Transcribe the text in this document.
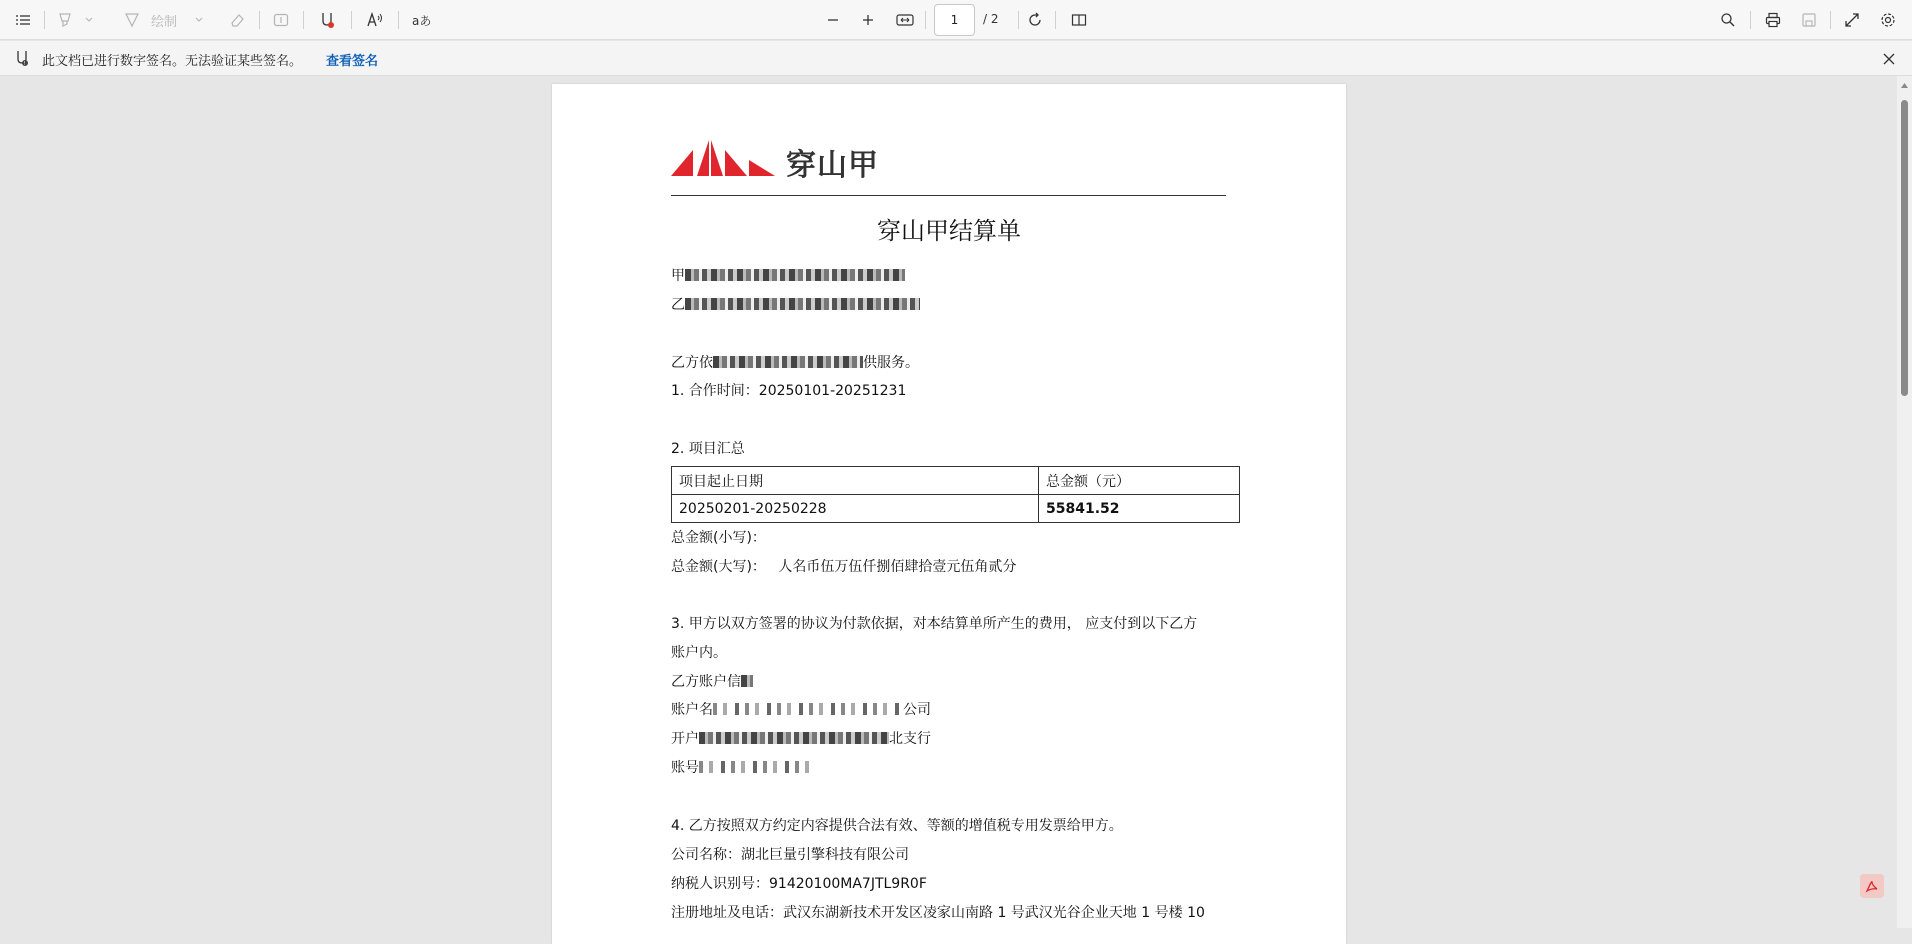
绘制	aあ
1	/ 2
! 此文档已进行数字签名。无法验证某些签名。 查看签名
穿山甲
穿山甲结算单
甲
乙
乙方依	供服务。
1. 合作时间：20250101-20251231
2. 项目汇总
项目起止日期	总金额（元）
20250201-20250228	55841.52
总金额(小写)：
总金额(大写)： 人名币伍万伍仟捌佰肆拾壹元伍角贰分
3. 甲方以双方签署的协议为付款依据，对本结算单所产生的费用， 应支付到以下乙方
账户内。
乙方账户信
账户名	公司
开户	北支行
账号
4. 乙方按照双方约定内容提供合法有效、等额的增值税专用发票给甲方。
公司名称：湖北巨量引擎科技有限公司
纳税人识别号：91420100MA7JTL9R0F
注册地址及电话：武汉东湖新技术开发区凌家山南路 1 号武汉光谷企业天地 1 号楼 10
